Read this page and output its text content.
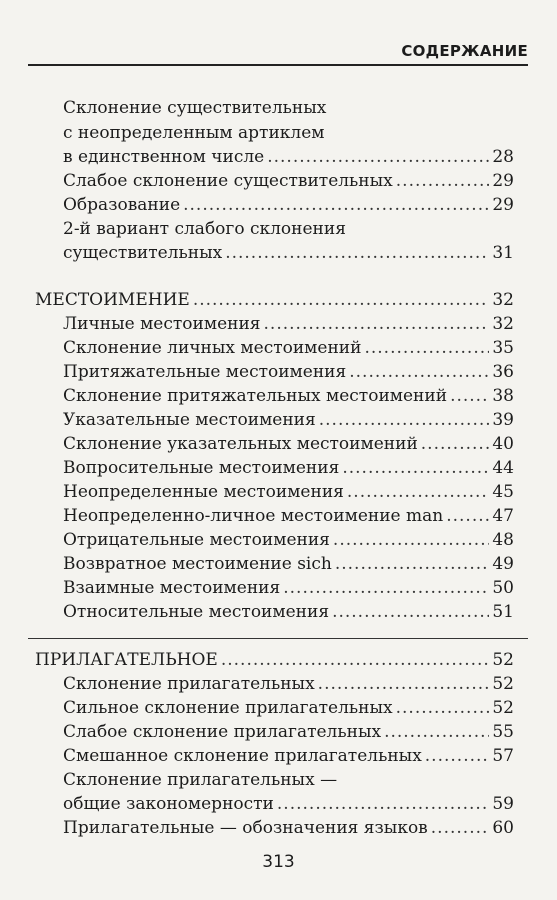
СОДЕРЖАНИЕ
Склонение существительных
с неопределенным артиклем
в единственном числе .....	28
Слабое склонение существительных .....	29
Образование .....	29
2-й вариант слабого склонения
существительных .....	31
МЕСТОИМЕНИЕ .....	32
Личные местоимения .....	32
Склонение личных местоимений .....	35
Притяжательные местоимения .....	36
Склонение притяжательных местоимений .....	38
Указательные местоимения .....	39
Склонение указательных местоимений .....	40
Вопросительные местоимения .....	44
Неопределенные местоимения .....	45
Неопределенно-личное местоимение man .....	47
Отрицательные местоимения .....	48
Возвратное местоимение sich .....	49
Взаимные местоимения .....	50
Относительные местоимения .....	51
ПРИЛАГАТЕЛЬНОЕ .....	52
Склонение прилагательных .....	52
Сильное склонение прилагательных .....	52
Слабое склонение прилагательных .....	55
Смешанное склонение прилагательных .....	57
Склонение прилагательных —
общие закономерности .....	59
Прилагательные — обозначения языков .....	60
313
